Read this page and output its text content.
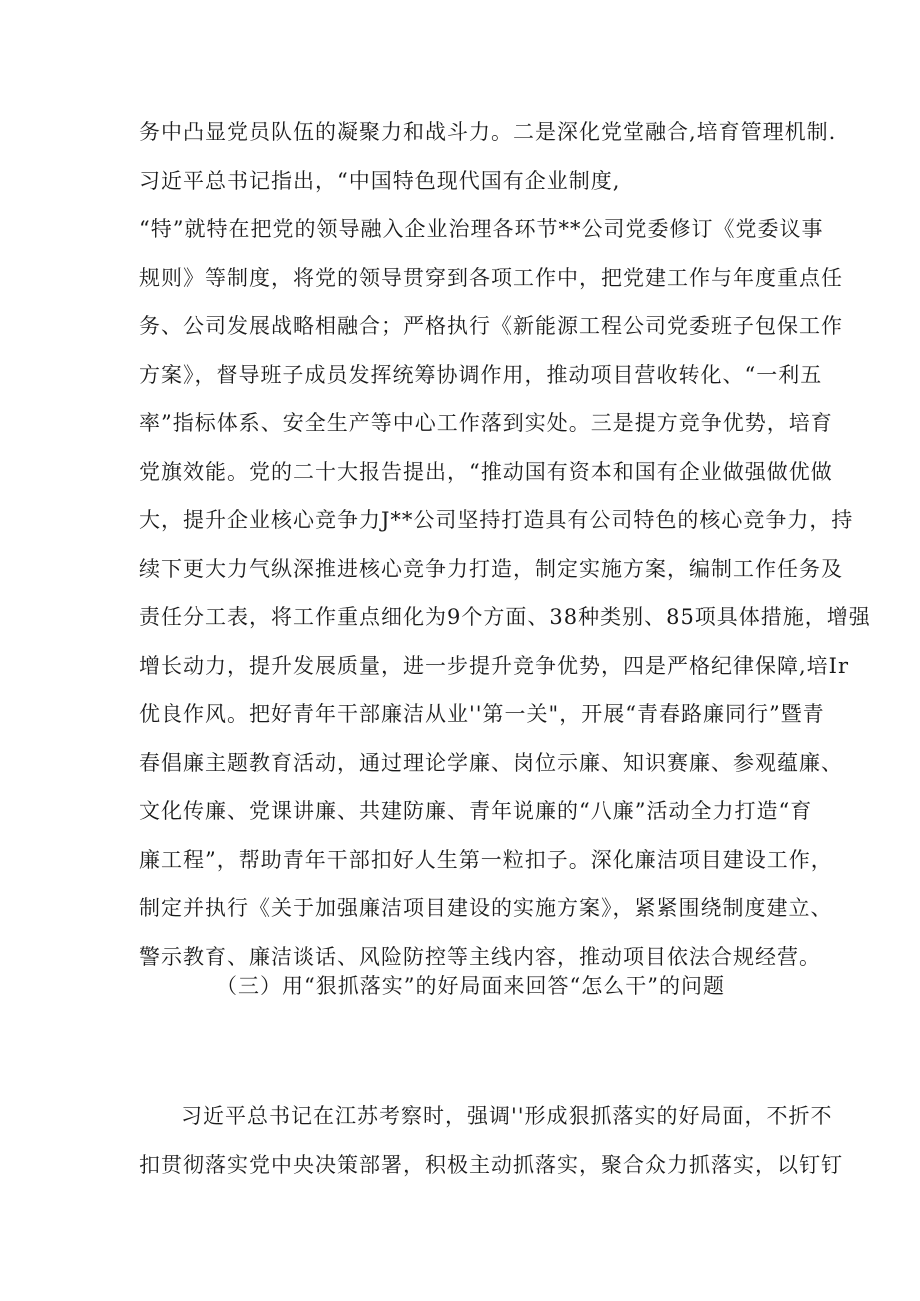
务中凸显党员队伍的凝聚力和战斗力。二是深化党堂融合,培育管理机制.
习近平总书记指出，“中国特色现代国有企业制度,
“特”就特在把党的领导融入企业治理各环节**公司党委修订《党委议事
规则》等制度，将党的领导贯穿到各项工作中，把党建工作与年度重点任
务、公司发展战略相融合；严格执行《新能源工程公司党委班子包保工作
方案》，督导班子成员发挥统筹协调作用，推动项目营收转化、“一利五
率”指标体系、安全生产等中心工作落到实处。三是提方竞争优势，培育
党旗效能。党的二十大报告提出，“推动国有资本和国有企业做强做优做
大，提升企业核心竞争力J**公司坚持打造具有公司特色的核心竞争力，持
续下更大力气纵深推进核心竞争力打造，制定实施方案，编制工作任务及
责任分工表，将工作重点细化为9个方面、38种类别、85项具体措施，增强
增长动力，提升发展质量，进一步提升竞争优势，四是严格纪律保障,培Ir
优良作风。把好青年干部廉洁从业''第一关"，开展“青春路廉同行”暨青
春倡廉主题教育活动，通过理论学廉、岗位示廉、知识赛廉、参观蕴廉、
文化传廉、党课讲廉、共建防廉、青年说廉的“八廉”活动全力打造“育
廉工程”，帮助青年干部扣好人生第一粒扣子。深化廉洁项目建设工作，
制定并执行《关于加强廉洁项目建设的实施方案》，紧紧围绕制度建立、
警示教育、廉洁谈话、风险防控等主线内容，推动项目依法合规经营。
（三）用“狠抓落实”的好局面来回答“怎么干”的问题
习近平总书记在江苏考察时，强调''形成狠抓落实的好局面，不折不
扣贯彻落实党中央决策部署，积极主动抓落实，聚合众力抓落实，以钉钉
